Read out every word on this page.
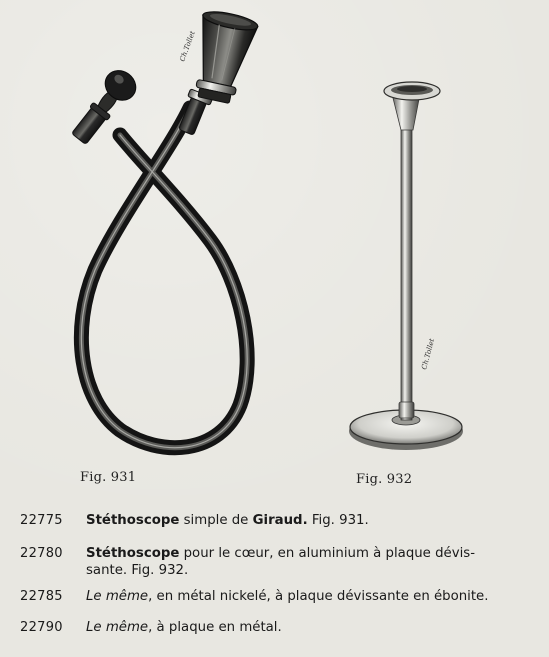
Ch.Tollet
Ch.Tollet
Fig. 931	Fig. 932
22775 Stéthoscope simple de Giraud. Fig. 931.
22780 Stéthoscope pour le cœur, en aluminium à plaque dévis-
sante. Fig. 932.
22785 Le même, en métal nickelé, à plaque dévissante en ébonite.
22790 Le même, à plaque en métal.
